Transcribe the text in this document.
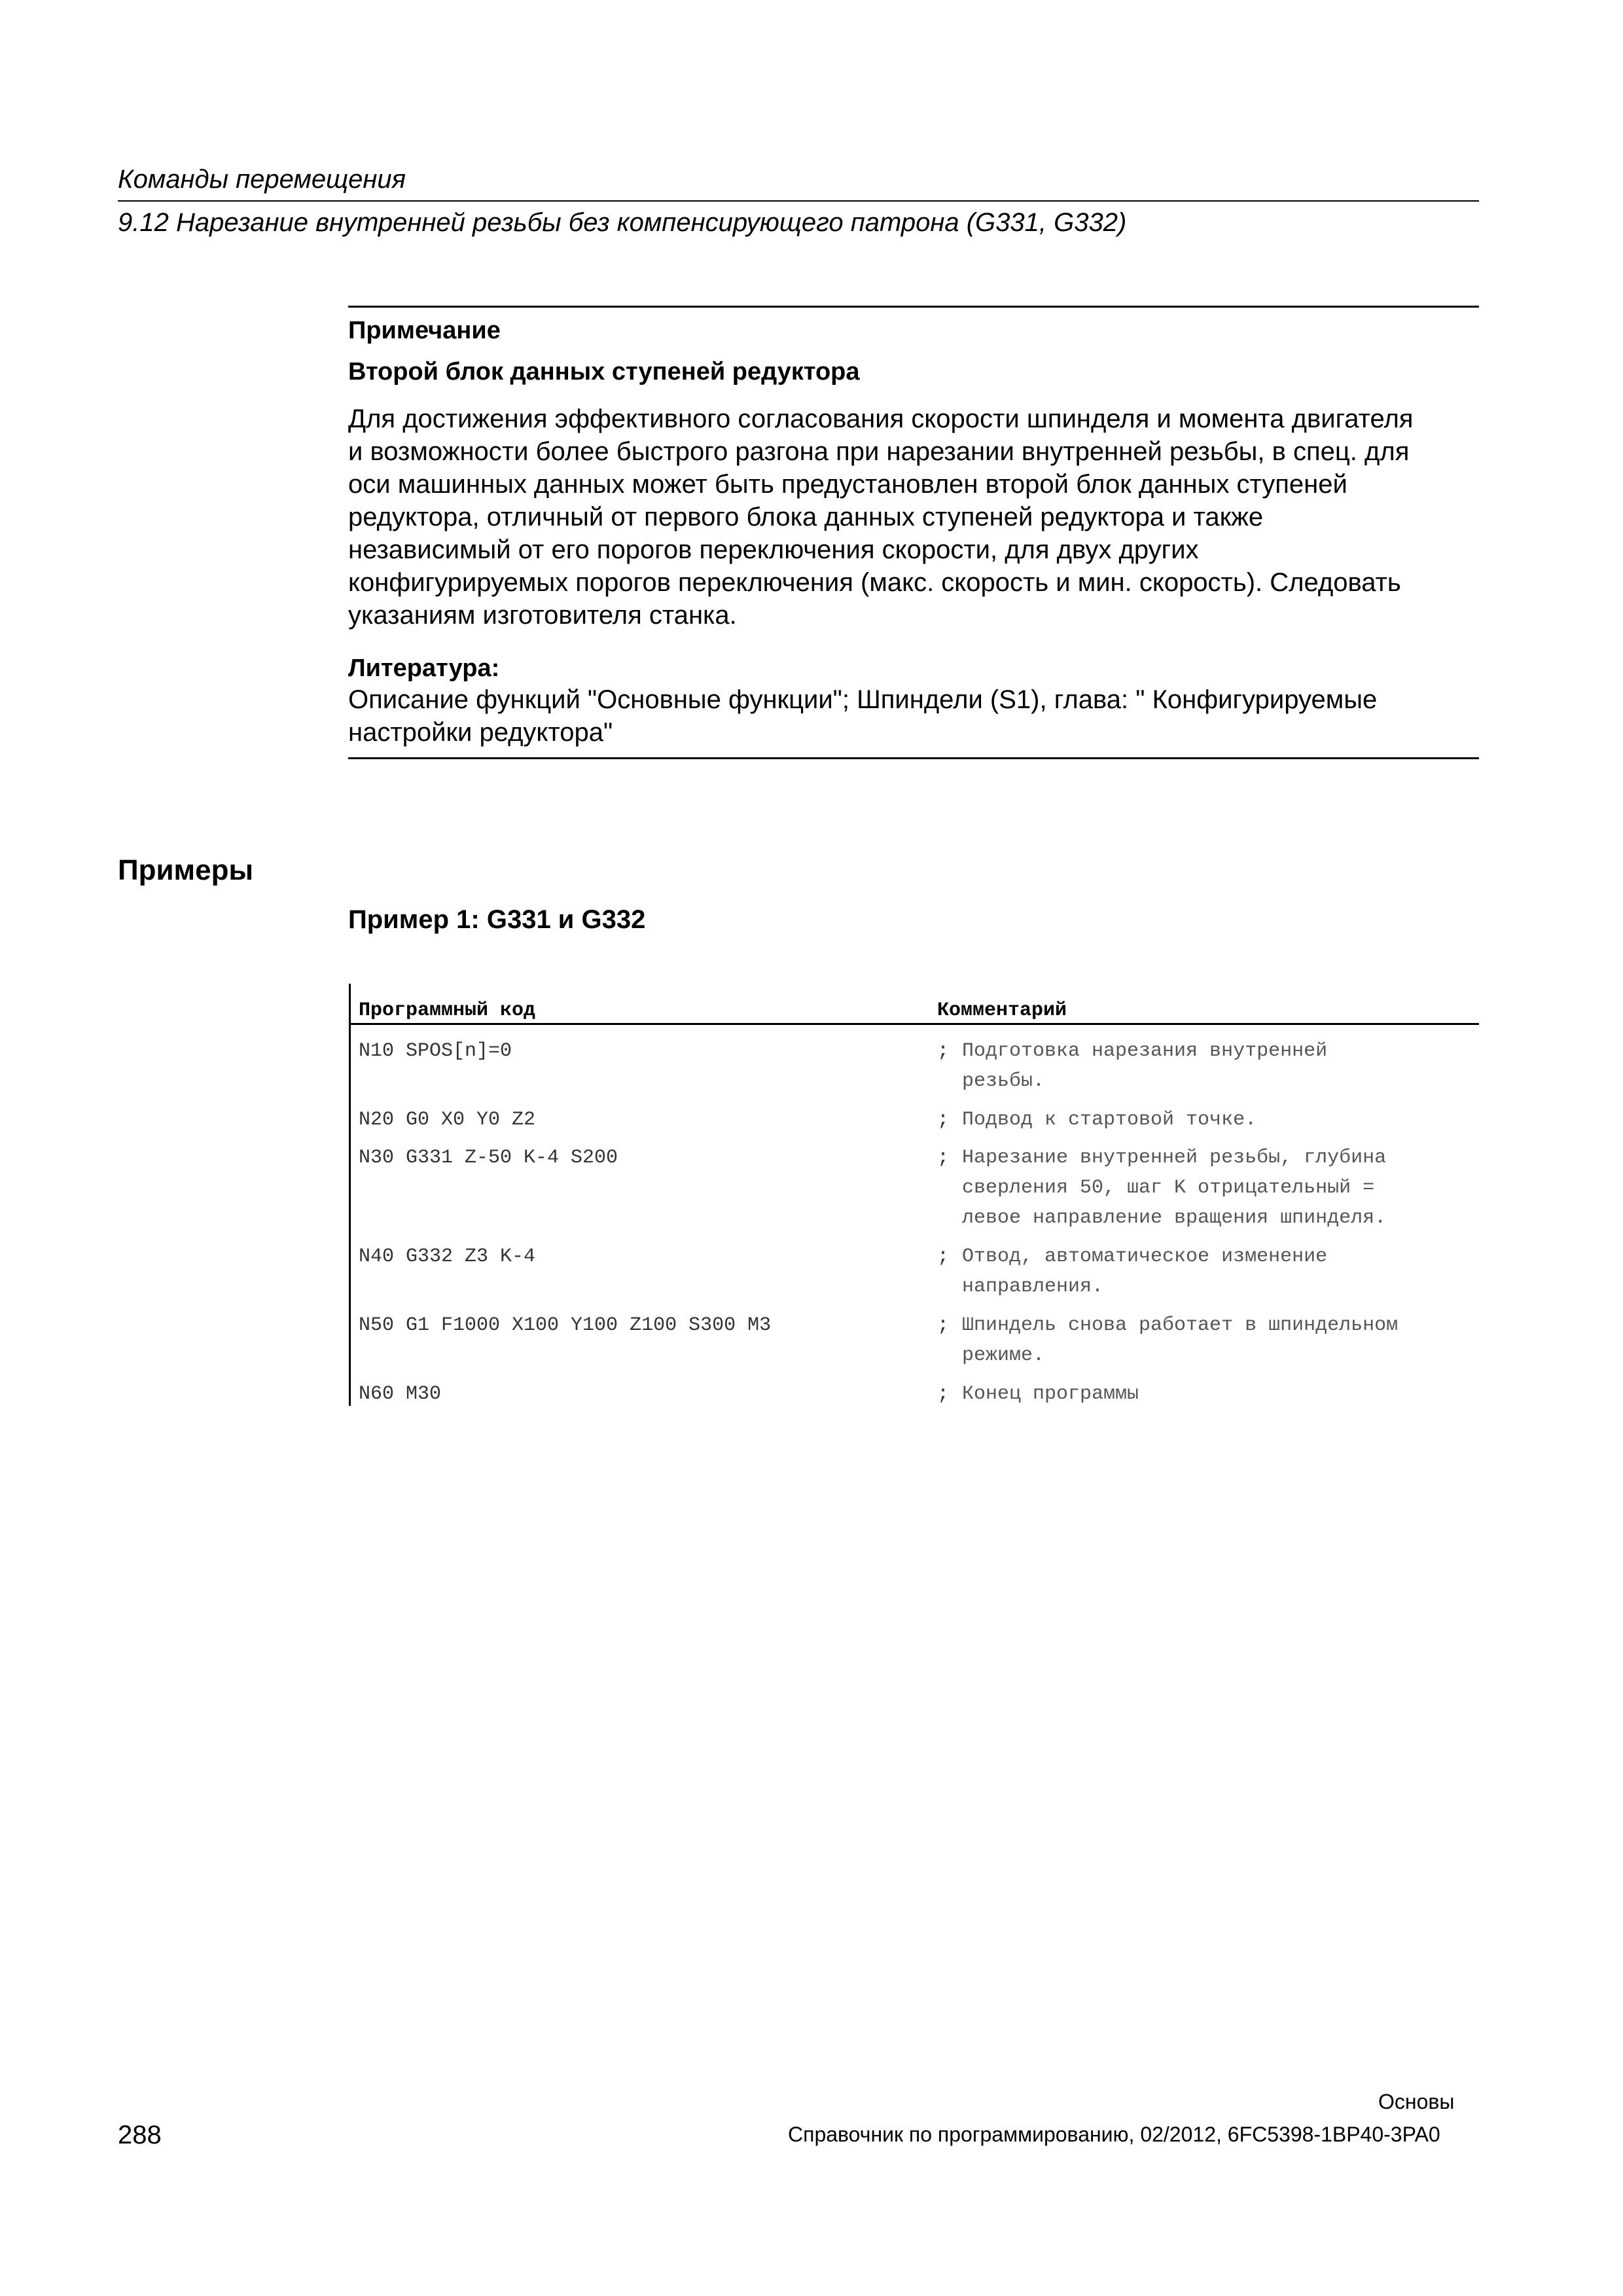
Команды перемещения
9.12 Нарезание внутренней резьбы без компенсирующего патрона (G331, G332)
Примечание
Второй блок данных ступеней редуктора
Для достижения эффективного согласования скорости шпинделя и момента двигателя
и возможности более быстрого разгона при нарезании внутренней резьбы, в спец. для
оси машинных данных может быть предустановлен второй блок данных ступеней
редуктора, отличный от первого блока данных ступеней редуктора и также
независимый от его порогов переключения скорости, для двух других
конфигурируемых порогов переключения (макс. скорость и мин. скорость). Следовать
указаниям изготовителя станка.
Литература:
Описание функций "Основные функции"; Шпиндели (S1), глава: " Конфигурируемые
настройки редуктора"
Примеры
Пример 1: G331 и G332
Программный код	Комментарий
N10 SPOS[n]=0	; Подготовка нарезания внутренней
резьбы.
N20 G0 X0 Y0 Z2	; Подвод к стартовой точке.
N30 G331 Z-50 K-4 S200	; Нарезание внутренней резьбы, глубина
сверления 50, шаг K отрицательный =
левое направление вращения шпинделя.
N40 G332 Z3 K-4	; Отвод, автоматическое изменение
направления.
N50 G1 F1000 X100 Y100 Z100 S300 M3	; Шпиндель снова работает в шпиндельном
режиме.
N60 M30	; Конец программы
Основы
288	Справочник по программированию, 02/2012, 6FC5398-1BP40-3PA0
